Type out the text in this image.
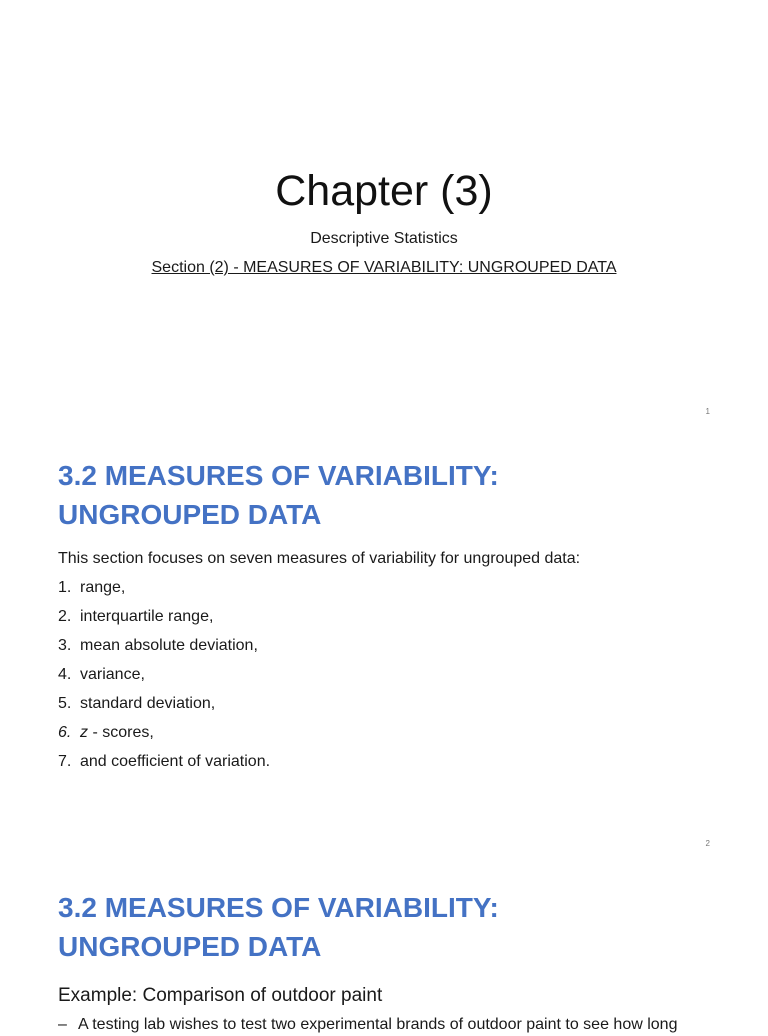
Chapter (3)
Descriptive Statistics
Section (2) - MEASURES OF VARIABILITY: UNGROUPED DATA
1
3.2 MEASURES OF VARIABILITY:
UNGROUPED DATA
This section focuses on seven measures of variability for ungrouped data:
1. range,
2. interquartile range,
3. mean absolute deviation,
4. variance,
5. standard deviation,
6. z - scores,
7. and coefficient of variation.
2
3.2 MEASURES OF VARIABILITY:
UNGROUPED DATA
Example: Comparison of outdoor paint
– A testing lab wishes to test two experimental brands of outdoor paint to see how long
